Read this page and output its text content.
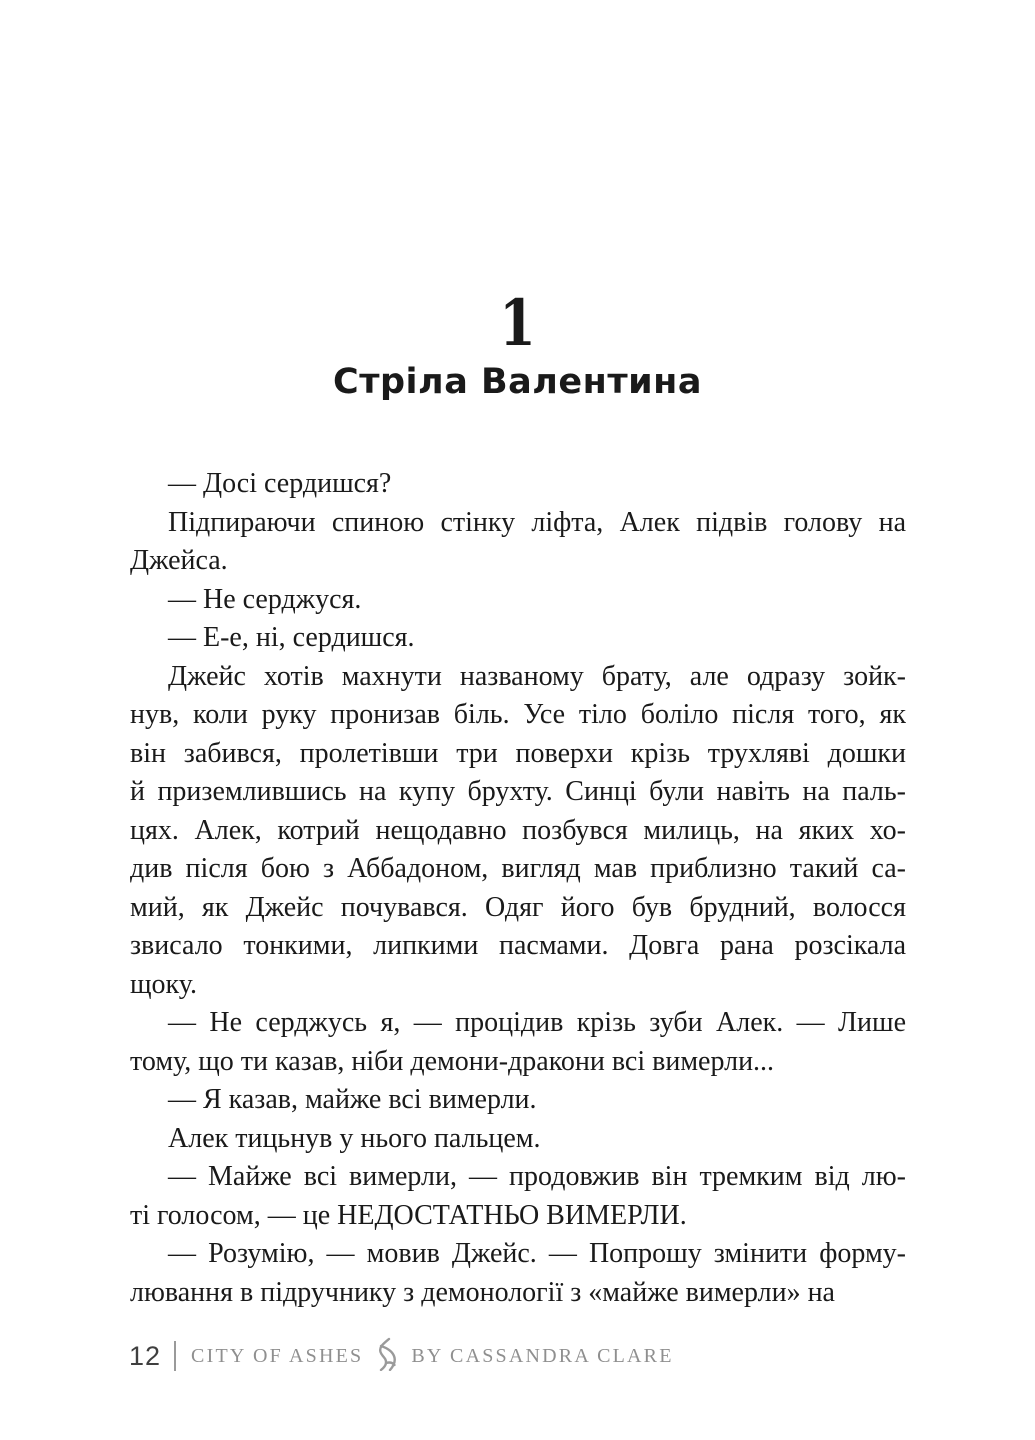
1
Стріла Валентина
— Досі сердишся?
Підпираючи спиною стінку ліфта, Алек підвів голову на
Джейса.
— Не серджуся.
— Е-е, ні, сердишся.
Джейс хотів махнути названому брату, але одразу зойк-
нув, коли руку пронизав біль. Усе тіло боліло після того, як
він забився, пролетівши три поверхи крізь трухляві дошки
й приземлившись на купу брухту. Синці були навіть на паль-
цях. Алек, котрий нещодавно позбувся милиць, на яких хо-
див після бою з Аббадоном, вигляд мав приблизно такий са-
мий, як Джейс почувався. Одяг його був брудний, волосся
звисало тонкими, липкими пасмами. Довга рана розсікала
щоку.
— Не серджусь я, — процідив крізь зуби Алек. — Лише
тому, що ти казав, ніби демони-дракони всі вимерли...
— Я казав, майже всі вимерли.
Алек тицьнув у нього пальцем.
— Майже всі вимерли, — продовжив він тремким від лю-
ті голосом, — це НЕДОСТАТНЬО ВИМЕРЛИ.
— Розумію, — мовив Джейс. — Попрошу змінити форму-
лювання в підручнику з демонології з «майже вимерли» на
12 CITY OF ASHES BY CASSANDRA CLARE
